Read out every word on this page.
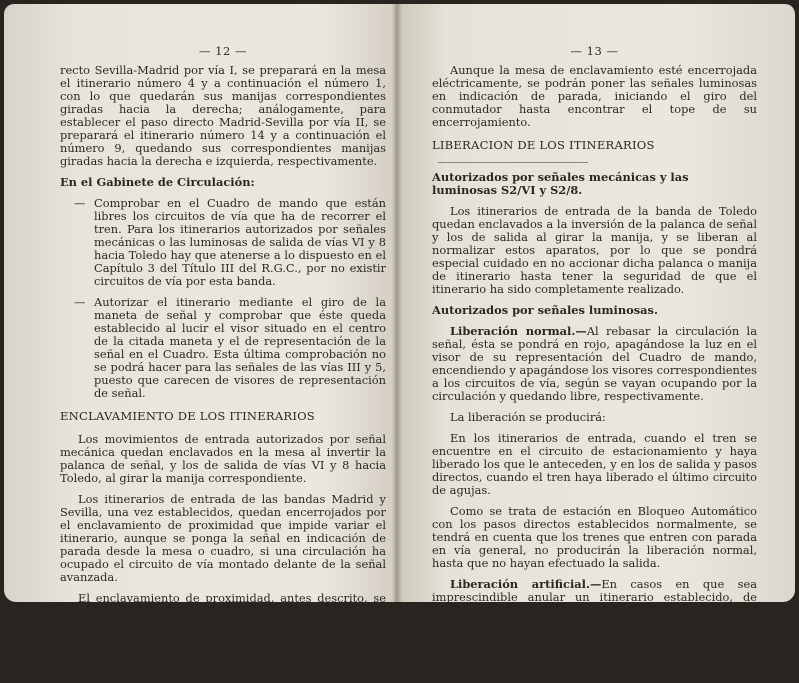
— 12 —

recto Sevilla-Madrid por vía I, se preparará en la mesa el itinerario número 4 y a continuación el número 1, con lo que quedarán sus manijas correspondientes giradas hacia la derecha; análogamente, para establecer el paso directo Madrid-Sevilla por vía II, se preparará el itinerario número 14 y a continuación el número 9, quedando sus correspondientes manijas giradas hacia la derecha e izquierda, respectivamente.

En el Gabinete de Circulación:
— Comprobar en el Cuadro de mando que están libres los circuitos de vía que ha de recorrer el tren. Para los itinerarios autorizados por señales mecánicas o las luminosas de salida de vías VI y 8 hacia Toledo hay que atenerse a lo dispuesto en el Capítulo 3 del Título III del R.G.C., por no existir circuitos de vía por esta banda.

— Autorizar el itinerario mediante el giro de la maneta de señal y comprobar que éste queda establecido al lucir el visor situado en el centro de la citada maneta y el de representación de la señal en el Cuadro. Esta última comprobación no se podrá hacer para las señales de las vías III y 5, puesto que carecen de visores de representación de señal.

ENCLAVAMIENTO DE LOS ITINERARIOS

Los movimientos de entrada autorizados por señal mecánica quedan enclavados en la mesa al invertir la palanca de señal, y los de salida de vías VI y 8 hacia Toledo, al girar la manija correspondiente.

Los itinerarios de entrada de las bandas Madrid y Sevilla, una vez establecidos, quedan encerrojados por el enclavamiento de proximidad que impide variar el itinerario, aunque se ponga la señal en indicación de parada desde la mesa o cuadro, si una circulación ha ocupado el circuito de vía montado delante de la señal avanzada.

El enclavamiento de proximidad, antes descrito, se complementa eléctricamente con el enclavamiento de ruta, que impide el accionamiento de las palancas de agujas incluidas en el itinerario, aunque quede libre el circuito de proximidad y se hayan puesto en indicación de parada a las señales, mientras no se recorra toda la ruta, según se explica en el siguiente apartado.

— 13 —

Aunque la mesa de enclavamiento esté encerrojada eléctricamente, se podrán poner las señales luminosas en indicación de parada, iniciando el giro del conmutador hasta encontrar el tope de su encerrojamiento.

LIBERACION DE LOS ITINERARIOS
Autorizados por señales mecánicas y las luminosas S2/VI y S2/8.

Los itinerarios de entrada de la banda de Toledo quedan enclavados a la inversión de la palanca de señal y los de salida al girar la manija, y se liberan al normalizar estos aparatos, por lo que se pondrá especial cuidado en no accionar dicha palanca o manija de itinerario hasta tener la seguridad de que el itinerario ha sido completamente realizado.

Autorizados por señales luminosas.

Liberación normal.—Al rebasar la circulación la señal, ésta se pondrá en rojo, apagándose la luz en el visor de su representación del Cuadro de mando, encendiendo y apagándose los visores correspondientes a los circuitos de vía, según se vayan ocupando por la circulación y quedando libre, respectivamente.

La liberación se producirá:

En los itinerarios de entrada, cuando el tren se encuentre en el circuito de estacionamiento y haya liberado los que le anteceden, y en los de salida y pasos directos, cuando el tren haya liberado el último circuito de agujas.

Como se trata de estación en Bloqueo Automático con los pasos directos establecidos normalmente, se tendrá en cuenta que los trenes que entren con parada en vía general, no producirán la liberación normal, hasta que no hayan efectuado la salida.

Liberación artificial.—En casos en que sea imprescindible anular un itinerario establecido, de entrada o paso directo, autorizado por señales luminosas para formar otro nuevo movimiento, se procederá a poner en indicación de parada la señal que lo autorizaba, con lo que el itinerario queda anulado si la circu-
